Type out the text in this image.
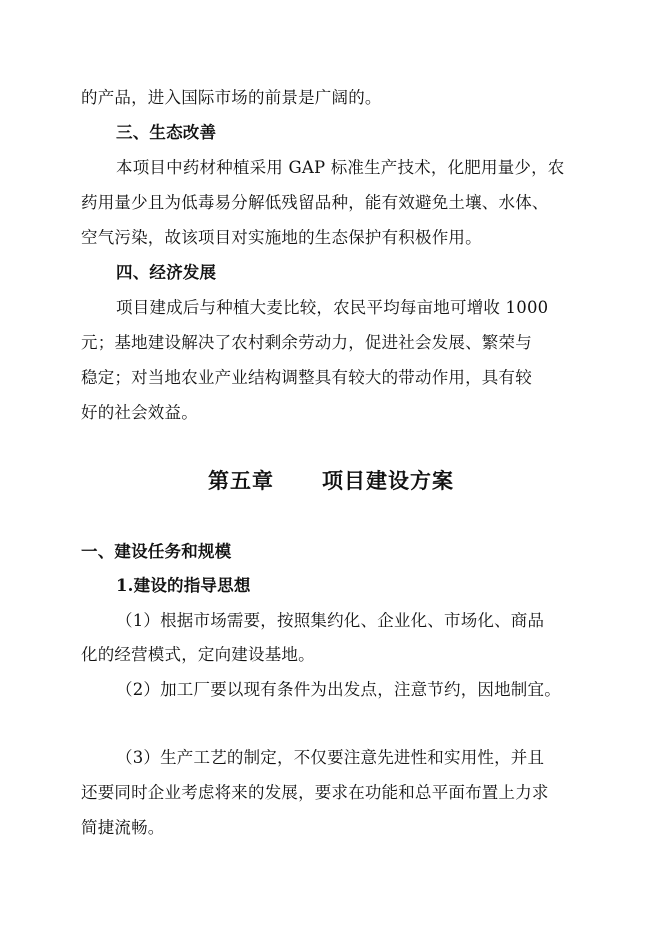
的产品，进入国际市场的前景是广阔的。
三、生态改善
本项目中药材种植采用 GAP 标准生产技术，化肥用量少，农
药用量少且为低毒易分解低残留品种，能有效避免土壤、水体、
空气污染，故该项目对实施地的生态保护有积极作用。
四、经济发展
项目建成后与种植大麦比较，农民平均每亩地可增收 1000
元；基地建设解决了农村剩余劳动力，促进社会发展、繁荣与
稳定；对当地农业产业结构调整具有较大的带动作用，具有较
好的社会效益。
第五章 项目建设方案
一、建设任务和规模
1.建设的指导思想
（1）根据市场需要，按照集约化、企业化、市场化、商品
化的经营模式，定向建设基地。
（2）加工厂要以现有条件为出发点，注意节约，因地制宜。
（3）生产工艺的制定，不仅要注意先进性和实用性，并且
还要同时企业考虑将来的发展，要求在功能和总平面布置上力求
简捷流畅。
